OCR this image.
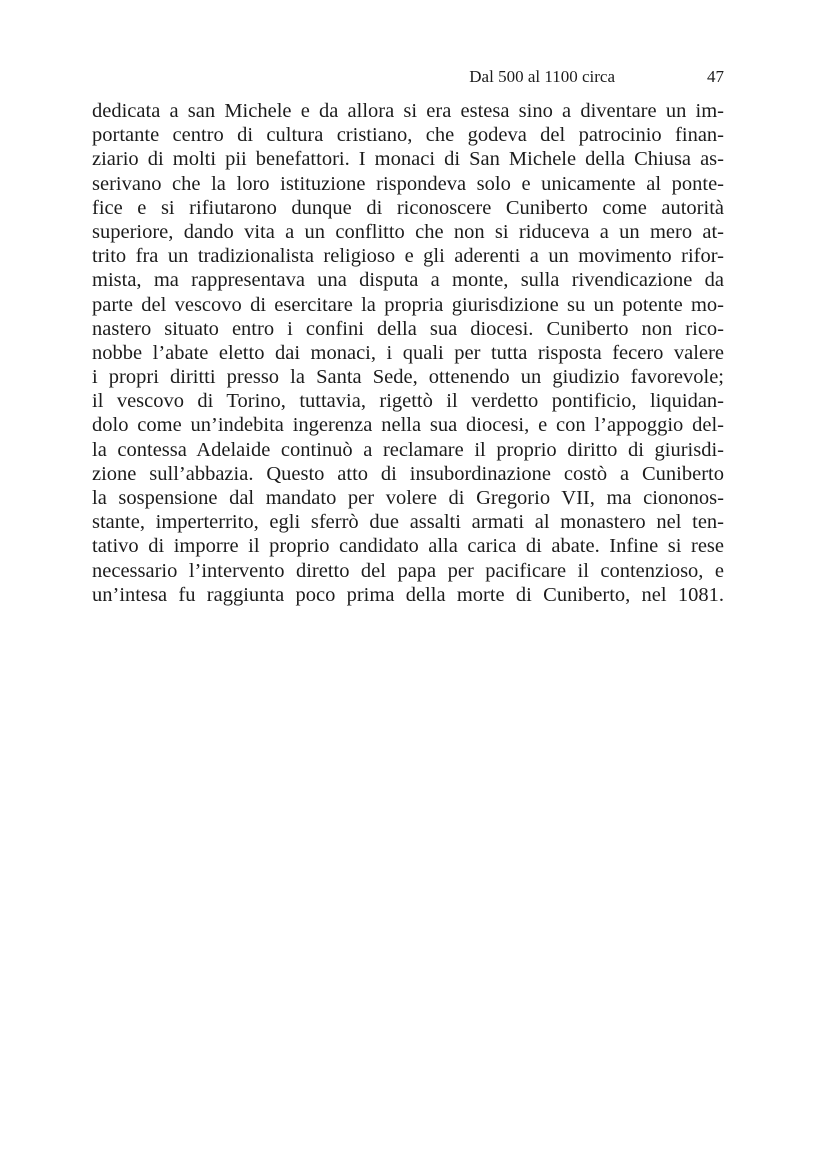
Dal 500 al 1100 circa	47
dedicata a san Michele e da allora si era estesa sino a diventare un im-
portante centro di cultura cristiano, che godeva del patrocinio finan-
ziario di molti pii benefattori. I monaci di San Michele della Chiusa as-
serivano che la loro istituzione rispondeva solo e unicamente al ponte-
fice e si rifiutarono dunque di riconoscere Cuniberto come autorità
superiore, dando vita a un conflitto che non si riduceva a un mero at-
trito fra un tradizionalista religioso e gli aderenti a un movimento rifor-
mista, ma rappresentava una disputa a monte, sulla rivendicazione da
parte del vescovo di esercitare la propria giurisdizione su un potente mo-
nastero situato entro i confini della sua diocesi. Cuniberto non rico-
nobbe l’abate eletto dai monaci, i quali per tutta risposta fecero valere
i propri diritti presso la Santa Sede, ottenendo un giudizio favorevole;
il vescovo di Torino, tuttavia, rigettò il verdetto pontificio, liquidan-
dolo come un’indebita ingerenza nella sua diocesi, e con l’appoggio del-
la contessa Adelaide continuò a reclamare il proprio diritto di giurisdi-
zione sull’abbazia. Questo atto di insubordinazione costò a Cuniberto
la sospensione dal mandato per volere di Gregorio VII, ma ciononos-
stante, imperterrito, egli sferrò due assalti armati al monastero nel ten-
tativo di imporre il proprio candidato alla carica di abate. Infine si rese
necessario l’intervento diretto del papa per pacificare il contenzioso, e
un’intesa fu raggiunta poco prima della morte di Cuniberto, nel 1081.
